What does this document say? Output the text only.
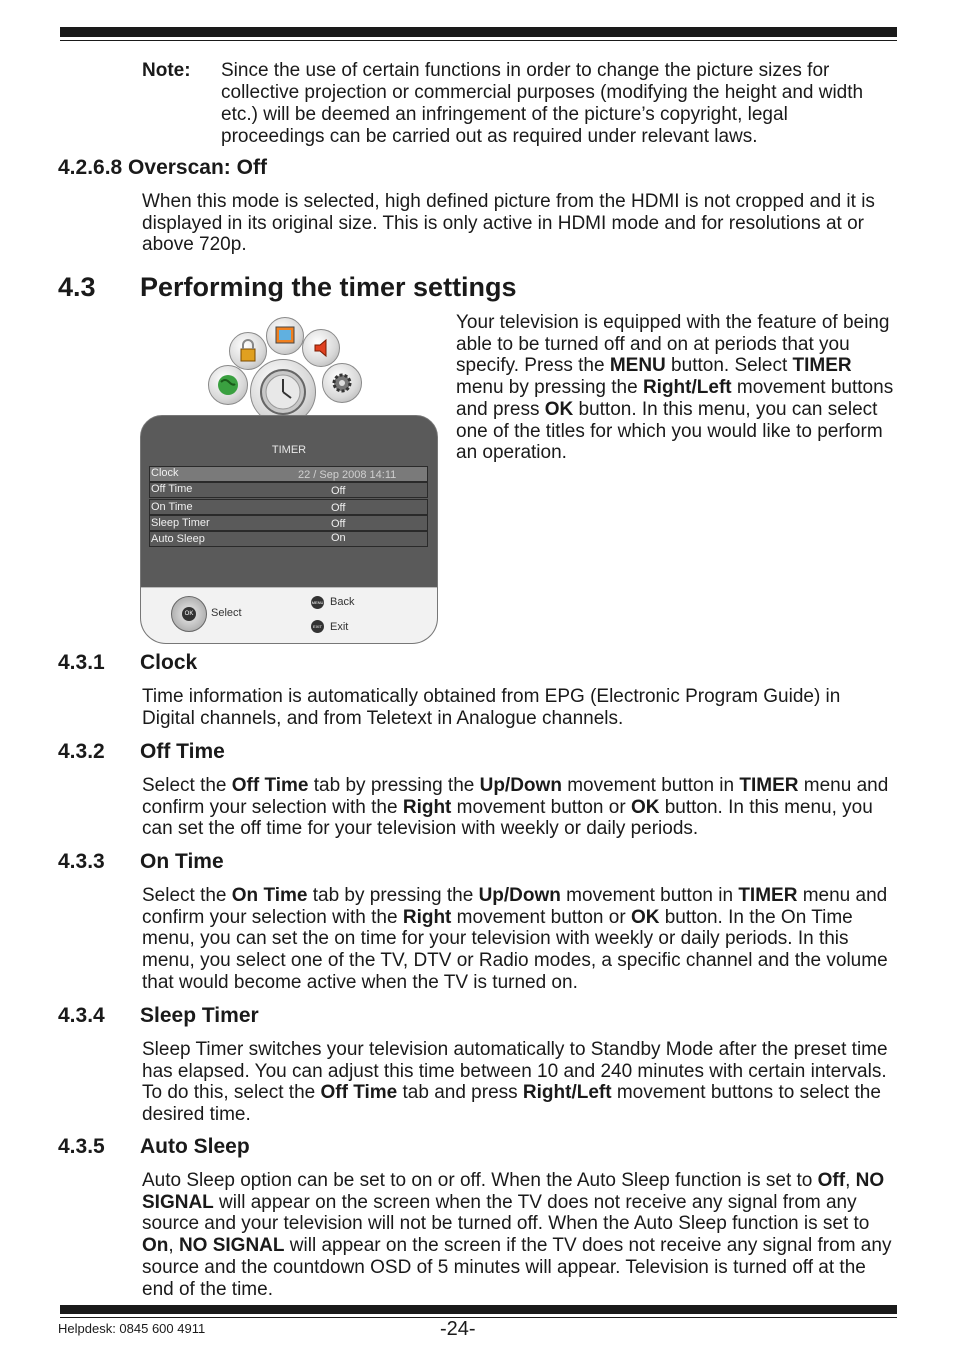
Note: Since the use of certain functions in order to change the picture sizes for collective projection or commercial purposes (modifying the height and width etc.) will be deemed an infringement of the picture’s copyright, legal proceedings can be carried out as required under relevant laws.
4.2.6.8 Overscan: Off
When this mode is selected, high defined picture from the HDMI is not cropped and it is displayed in its original size. This is only active in HDMI mode and for resolutions at or above 720p.
4.3 Performing the timer settings
TIMER
Clock	22 / Sep 2008 14:11
Off Time	Off
On Time	Off
Sleep Timer	Off
Auto Sleep	On
OK Select
MENU Back
EXIT Exit
Your television is equipped with the feature of being able to be turned off and on at periods that you specify. Press the MENU button. Select TIMER menu by pressing the Right/Left movement buttons and press OK button. In this menu, you can select one of the titles for which you would like to perform an operation.
4.3.1 Clock
Time information is automatically obtained from EPG (Electronic Program Guide) in Digital channels, and from Teletext in Analogue channels.
4.3.2 Off Time
Select the Off Time tab by pressing the Up/Down movement button in TIMER menu and confirm your selection with the Right movement button or OK button. In this menu, you can set the off time for your television with weekly or daily periods.
4.3.3 On Time
Select the On Time tab by pressing the Up/Down movement button in TIMER menu and confirm your selection with the Right movement button or OK button. In the On Time menu, you can set the on time for your television with weekly or daily periods. In this menu, you select one of the TV, DTV or Radio modes, a specific channel and the volume that would become active when the TV is turned on.
4.3.4 Sleep Timer
Sleep Timer switches your television automatically to Standby Mode after the preset time has elapsed. You can adjust this time between 10 and 240 minutes with certain intervals. To do this, select the Off Time tab and press Right/Left movement buttons to select the desired time.
4.3.5 Auto Sleep
Auto Sleep option can be set to on or off. When the Auto Sleep function is set to Off, NO SIGNAL will appear on the screen when the TV does not receive any signal from any source and your television will not be turned off. When the Auto Sleep function is set to On, NO SIGNAL will appear on the screen if the TV does not receive any signal from any source and the countdown OSD of 5 minutes will appear. Television is turned off at the end of the time.
Helpdesk: 0845 600 4911	-24-
